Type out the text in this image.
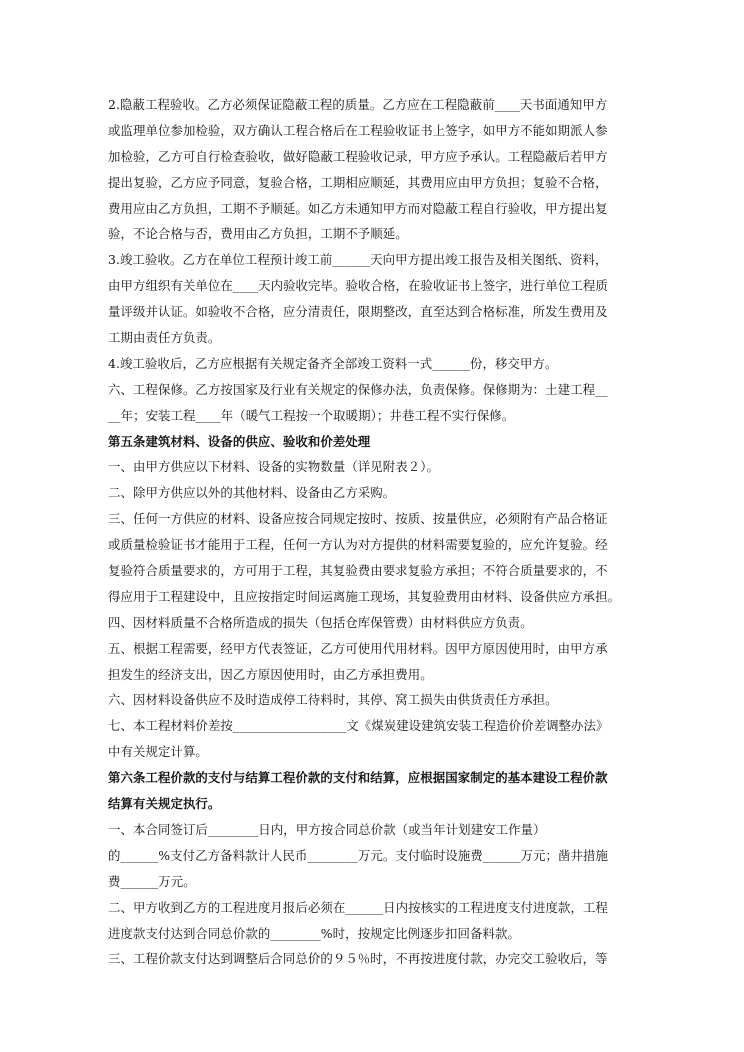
2.隐蔽工程验收。乙方必须保证隐蔽工程的质量。乙方应在工程隐蔽前____天书面通知甲方
或监理单位参加检验，双方确认工程合格后在工程验收证书上签字，如甲方不能如期派人参
加检验，乙方可自行检查验收，做好隐蔽工程验收记录，甲方应予承认。工程隐蔽后若甲方
提出复验，乙方应予同意，复验合格，工期相应顺延，其费用应由甲方负担；复验不合格，
费用应由乙方负担，工期不予顺延。如乙方未通知甲方而对隐蔽工程自行验收，甲方提出复
验，不论合格与否，费用由乙方负担，工期不予顺延。
3.竣工验收。乙方在单位工程预计竣工前______天向甲方提出竣工报告及相关图纸、资料，
由甲方组织有关单位在____天内验收完毕。验收合格，在验收证书上签字，进行单位工程质
量评级并认证。如验收不合格，应分清责任，限期整改，直至达到合格标准，所发生费用及
工期由责任方负责。
4.竣工验收后，乙方应根据有关规定备齐全部竣工资料一式______份，移交甲方。
六、工程保修。乙方按国家及行业有关规定的保修办法，负责保修。保修期为：土建工程__
__年；安装工程____年（暖气工程按一个取暖期）；井巷工程不实行保修。
第五条建筑材料、设备的供应、验收和价差处理
一、由甲方供应以下材料、设备的实物数量（详见附表２）。
二、除甲方供应以外的其他材料、设备由乙方采购。
三、任何一方供应的材料、设备应按合同规定按时、按质、按量供应，必须附有产品合格证
或质量检验证书才能用于工程，任何一方认为对方提供的材料需要复验的，应允许复验。经
复验符合质量要求的，方可用于工程，其复验费由要求复验方承担；不符合质量要求的，不
得应用于工程建设中，且应按指定时间运离施工现场，其复验费用由材料、设备供应方承担。
四、因材料质量不合格所造成的损失（包括仓库保管费）由材料供应方负责。
五、根据工程需要，经甲方代表签证，乙方可使用代用材料。因甲方原因使用时，由甲方承
担发生的经济支出，因乙方原因使用时，由乙方承担费用。
六、因材料设备供应不及时造成停工待料时，其停、窝工损失由供货责任方承担。
七、本工程材料价差按__________________文《煤炭建设建筑安装工程造价价差调整办法》
中有关规定计算。
第六条工程价款的支付与结算工程价款的支付和结算，应根据国家制定的基本建设工程价款
结算有关规定执行。
一、本合同签订后________日内，甲方按合同总价款（或当年计划建安工作量）
的______%支付乙方备料款计人民币________万元。支付临时设施费______万元；凿井措施
费______万元。
二、甲方收到乙方的工程进度月报后必须在______日内按核实的工程进度支付进度款，工程
进度款支付达到合同总价款的________%时，按规定比例逐步扣回备料款。
三、工程价款支付达到调整后合同总价的９５％时，不再按进度付款，办完交工验收后，等
